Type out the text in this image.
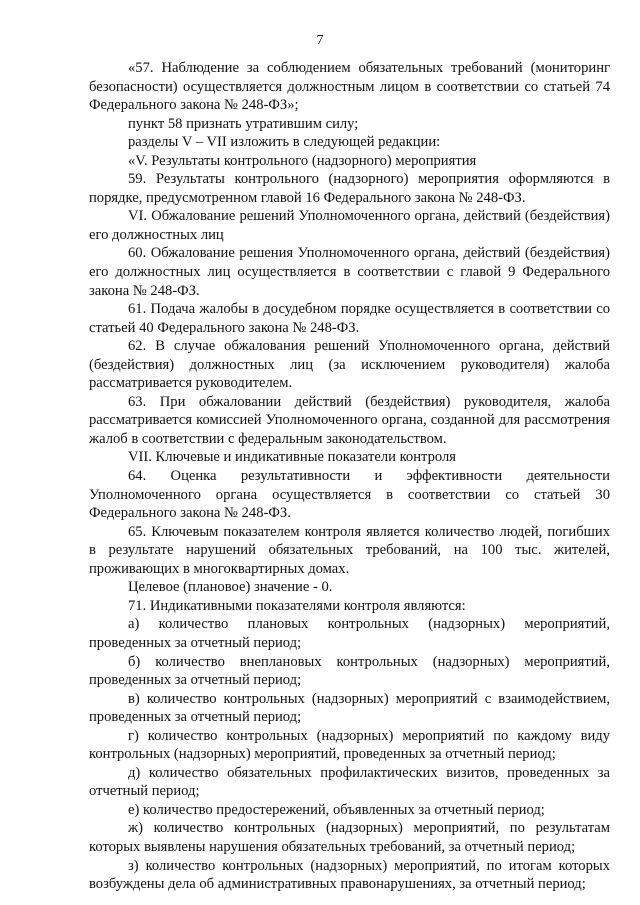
7

«57. Наблюдение за соблюдением обязательных требований (мониторинг безопасности) осуществляется должностным лицом в соответствии со статьей 74 Федерального закона № 248-ФЗ»;

пункт 58 признать утратившим силу;

разделы V – VII изложить в следующей редакции:

«V. Результаты контрольного (надзорного) мероприятия

59. Результаты контрольного (надзорного) мероприятия оформляются в порядке, предусмотренном главой 16 Федерального закона № 248-ФЗ.

VI. Обжалование решений Уполномоченного органа, действий (бездействия) его должностных лиц

60. Обжалование решения Уполномоченного органа, действий (бездействия) его должностных лиц осуществляется в соответствии с главой 9 Федерального закона № 248-ФЗ.

61. Подача жалобы в досудебном порядке осуществляется в соответствии со статьей 40 Федерального закона № 248-ФЗ.

62. В случае обжалования решений Уполномоченного органа, действий (бездействия) должностных лиц (за исключением руководителя) жалоба рассматривается руководителем.

63. При обжаловании действий (бездействия) руководителя, жалоба рассматривается комиссией Уполномоченного органа, созданной для рассмотрения жалоб в соответствии с федеральным законодательством.

VII. Ключевые и индикативные показатели контроля

64. Оценка результативности и эффективности деятельности Уполномоченного органа осуществляется в соответствии со статьей 30 Федерального закона № 248-ФЗ.

65. Ключевым показателем контроля является количество людей, погибших в результате нарушений обязательных требований, на 100 тыс. жителей, проживающих в многоквартирных домах.

Целевое (плановое) значение - 0.

71. Индикативными показателями контроля являются:

а) количество плановых контрольных (надзорных) мероприятий, проведенных за отчетный период;

б) количество внеплановых контрольных (надзорных) мероприятий, проведенных за отчетный период;

в) количество контрольных (надзорных) мероприятий с взаимодействием, проведенных за отчетный период;

г) количество контрольных (надзорных) мероприятий по каждому виду контрольных (надзорных) мероприятий, проведенных за отчетный период;

д) количество обязательных профилактических визитов, проведенных за отчетный период;

е) количество предостережений, объявленных за отчетный период;

ж) количество контрольных (надзорных) мероприятий, по результатам которых выявлены нарушения обязательных требований, за отчетный период;

з) количество контрольных (надзорных) мероприятий, по итогам которых возбуждены дела об административных правонарушениях, за отчетный период;
